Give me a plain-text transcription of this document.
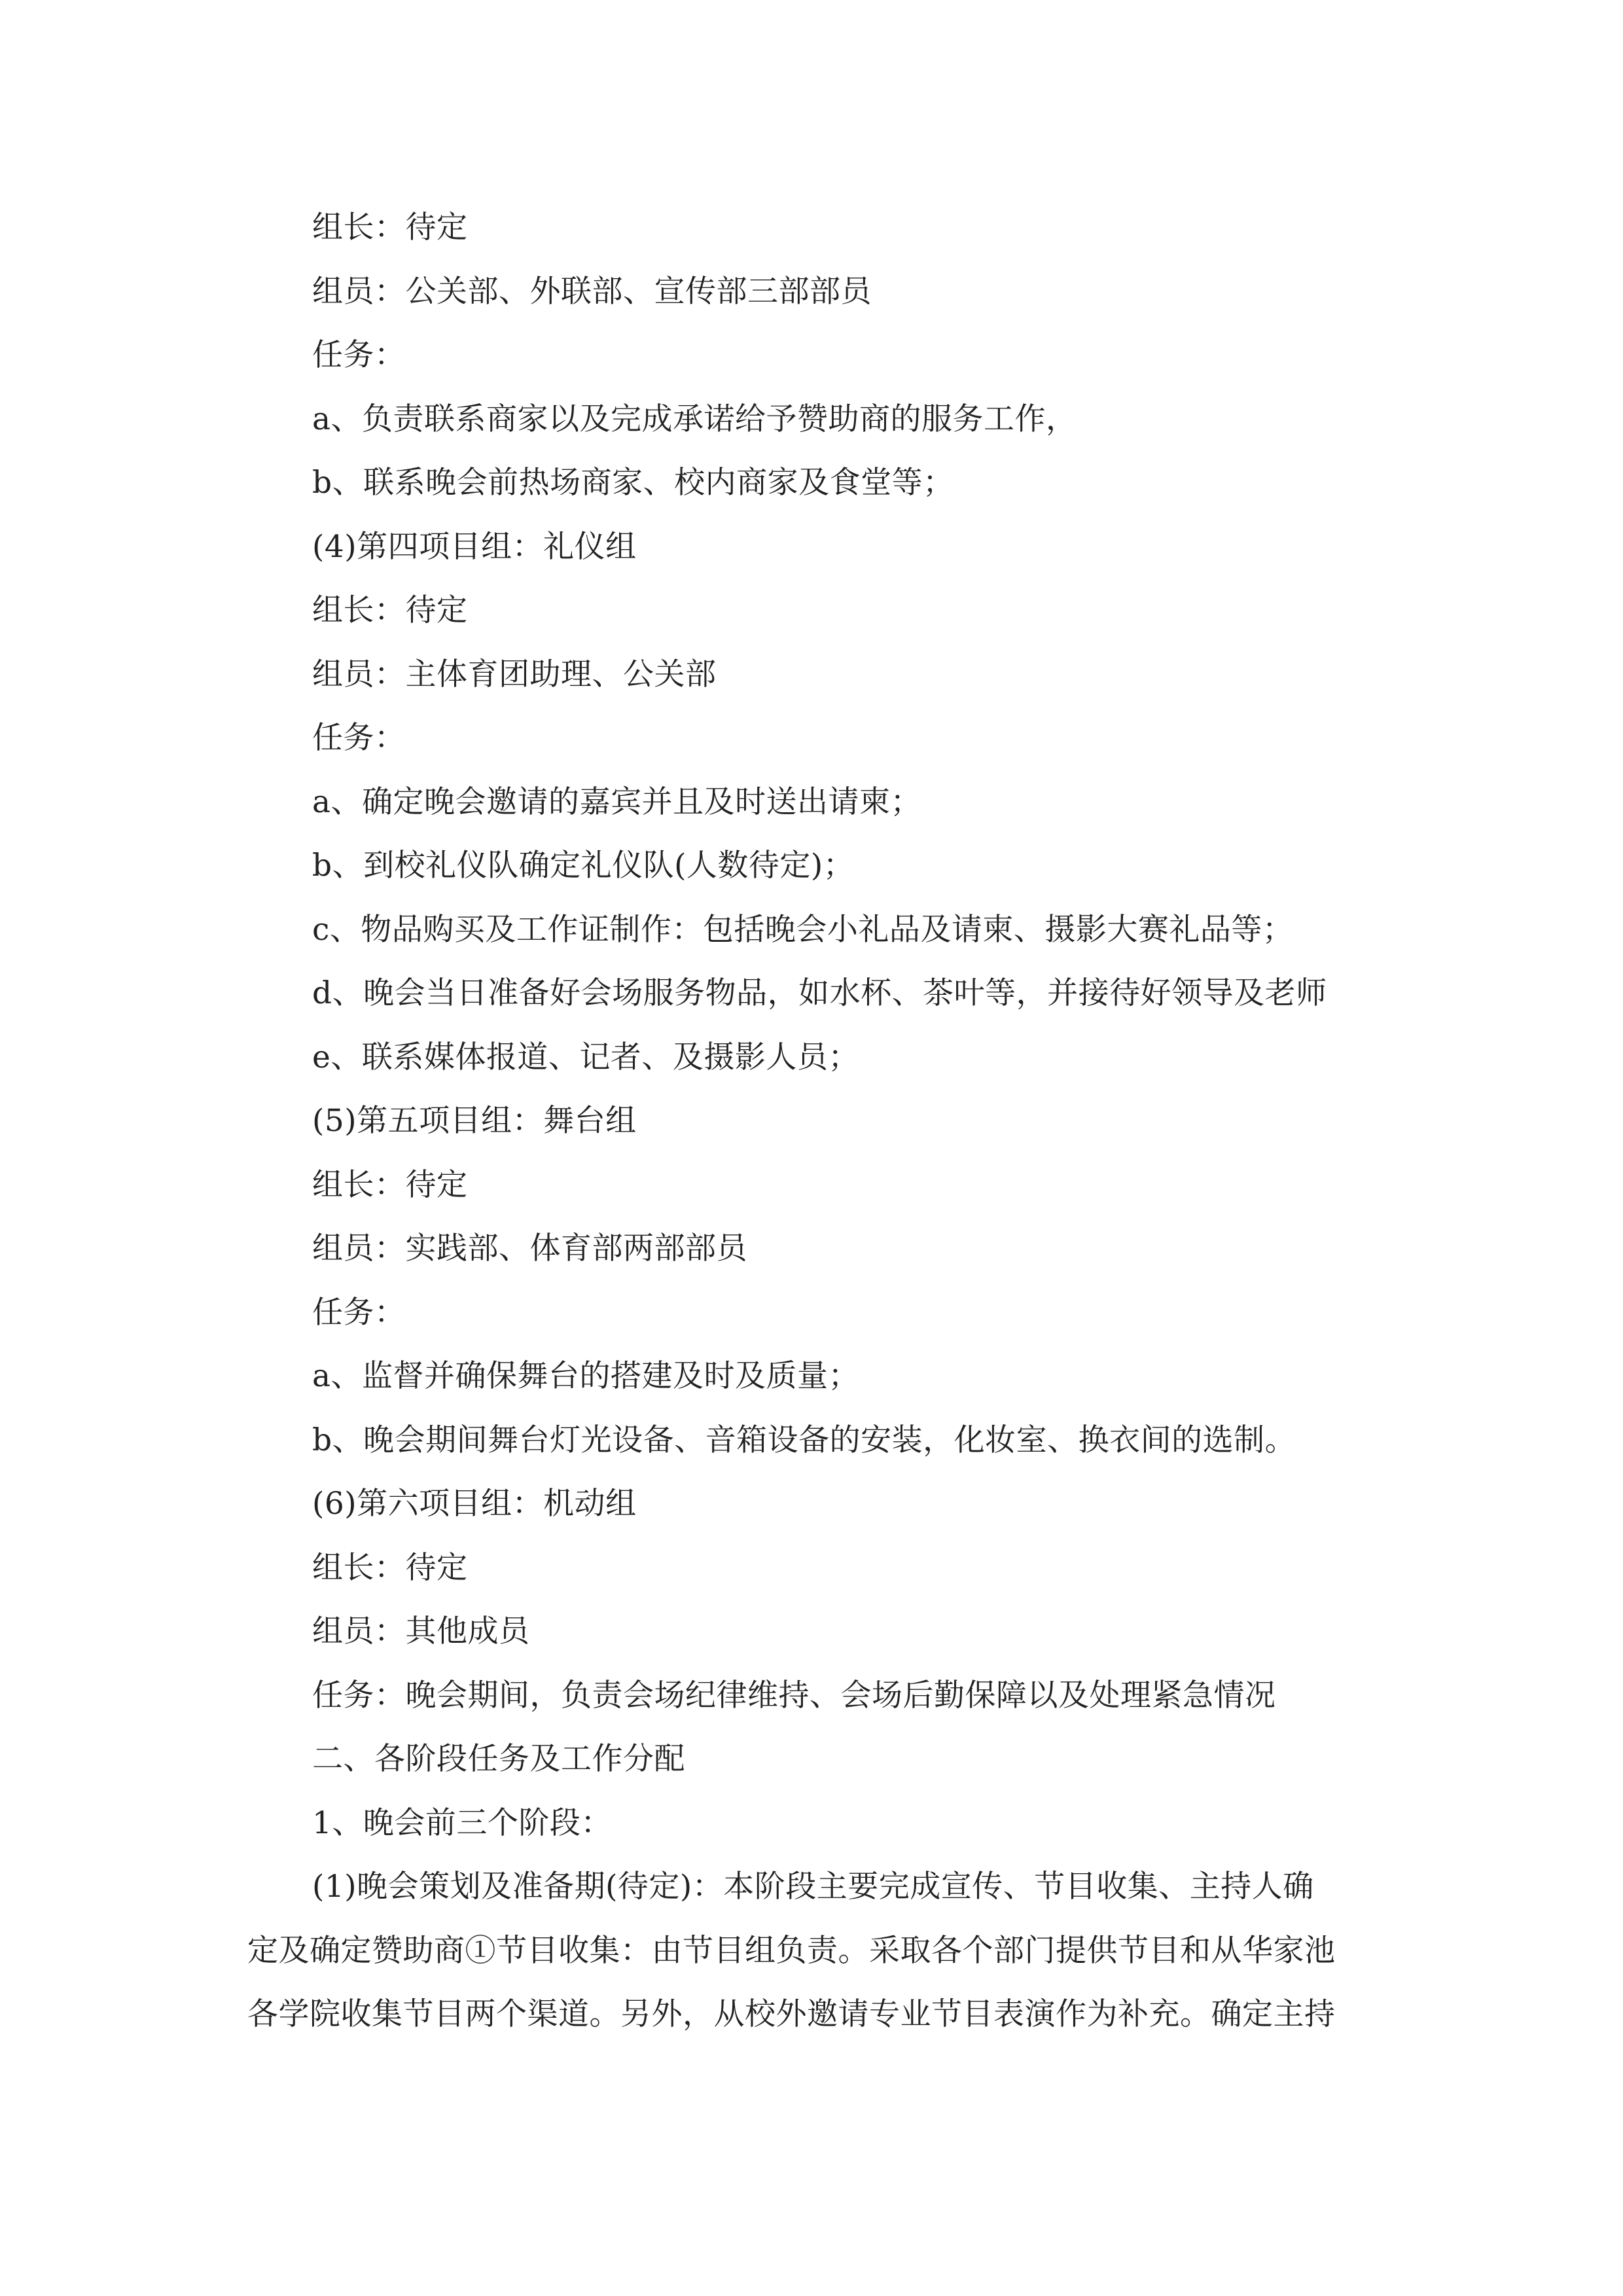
组长：待定
组员：公关部、外联部、宣传部三部部员
任务：
a、负责联系商家以及完成承诺给予赞助商的服务工作，
b、联系晚会前热场商家、校内商家及食堂等；
(4)第四项目组：礼仪组
组长：待定
组员：主体育团助理、公关部
任务：
a、确定晚会邀请的嘉宾并且及时送出请柬；
b、到校礼仪队确定礼仪队(人数待定)；
c、物品购买及工作证制作：包括晚会小礼品及请柬、摄影大赛礼品等；
d、晚会当日准备好会场服务物品，如水杯、茶叶等，并接待好领导及老师
e、联系媒体报道、记者、及摄影人员；
(5)第五项目组：舞台组
组长：待定
组员：实践部、体育部两部部员
任务：
a、监督并确保舞台的搭建及时及质量；
b、晚会期间舞台灯光设备、音箱设备的安装，化妆室、换衣间的选制。
(6)第六项目组：机动组
组长：待定
组员：其他成员
任务：晚会期间，负责会场纪律维持、会场后勤保障以及处理紧急情况
二、各阶段任务及工作分配
1、晚会前三个阶段：
(1)晚会策划及准备期(待定)：本阶段主要完成宣传、节目收集、主持人确
定及确定赞助商①节目收集：由节目组负责。采取各个部门提供节目和从华家池
各学院收集节目两个渠道。另外，从校外邀请专业节目表演作为补充。确定主持
